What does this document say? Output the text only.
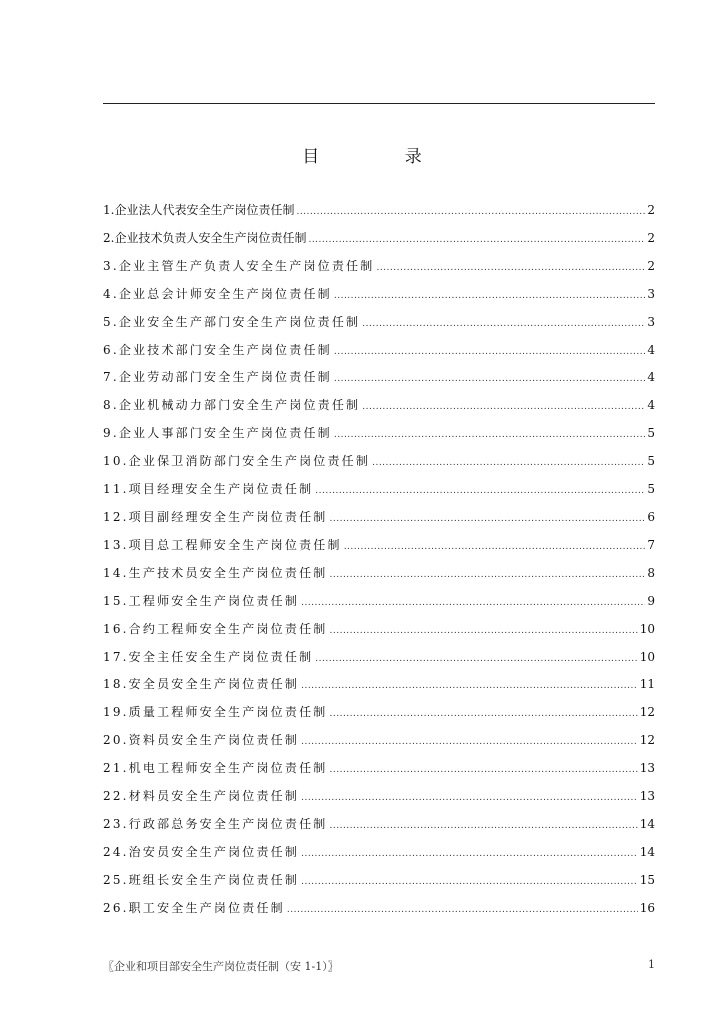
目 录
1.企业法人代表安全生产岗位责任制 .....	2
2.企业技术负责人安全生产岗位责任制 .....	2
3.企业主管生产负责人安全生产岗位责任制 .....	2
4.企业总会计师安全生产岗位责任制 .....	3
5.企业安全生产部门安全生产岗位责任制 .....	3
6.企业技术部门安全生产岗位责任制 .....	4
7.企业劳动部门安全生产岗位责任制 .....	4
8.企业机械动力部门安全生产岗位责任制 .....	4
9.企业人事部门安全生产岗位责任制 .....	5
10.企业保卫消防部门安全生产岗位责任制 .....	5
11.项目经理安全生产岗位责任制 .....	5
12.项目副经理安全生产岗位责任制 .....	6
13.项目总工程师安全生产岗位责任制 .....	7
14.生产技术员安全生产岗位责任制 .....	8
15.工程师安全生产岗位责任制 .....	9
16.合约工程师安全生产岗位责任制 .....	10
17.安全主任安全生产岗位责任制 .....	10
18.安全员安全生产岗位责任制 .....	11
19.质量工程师安全生产岗位责任制 .....	12
20.资料员安全生产岗位责任制 .....	12
21.机电工程师安全生产岗位责任制 .....	13
22.材料员安全生产岗位责任制 .....	13
23.行政部总务安全生产岗位责任制 .....	14
24.治安员安全生产岗位责任制 .....	14
25.班组长安全生产岗位责任制 .....	15
26.职工安全生产岗位责任制 .....	16
〖企业和项目部安全生产岗位责任制（安 1-1）〗	1
